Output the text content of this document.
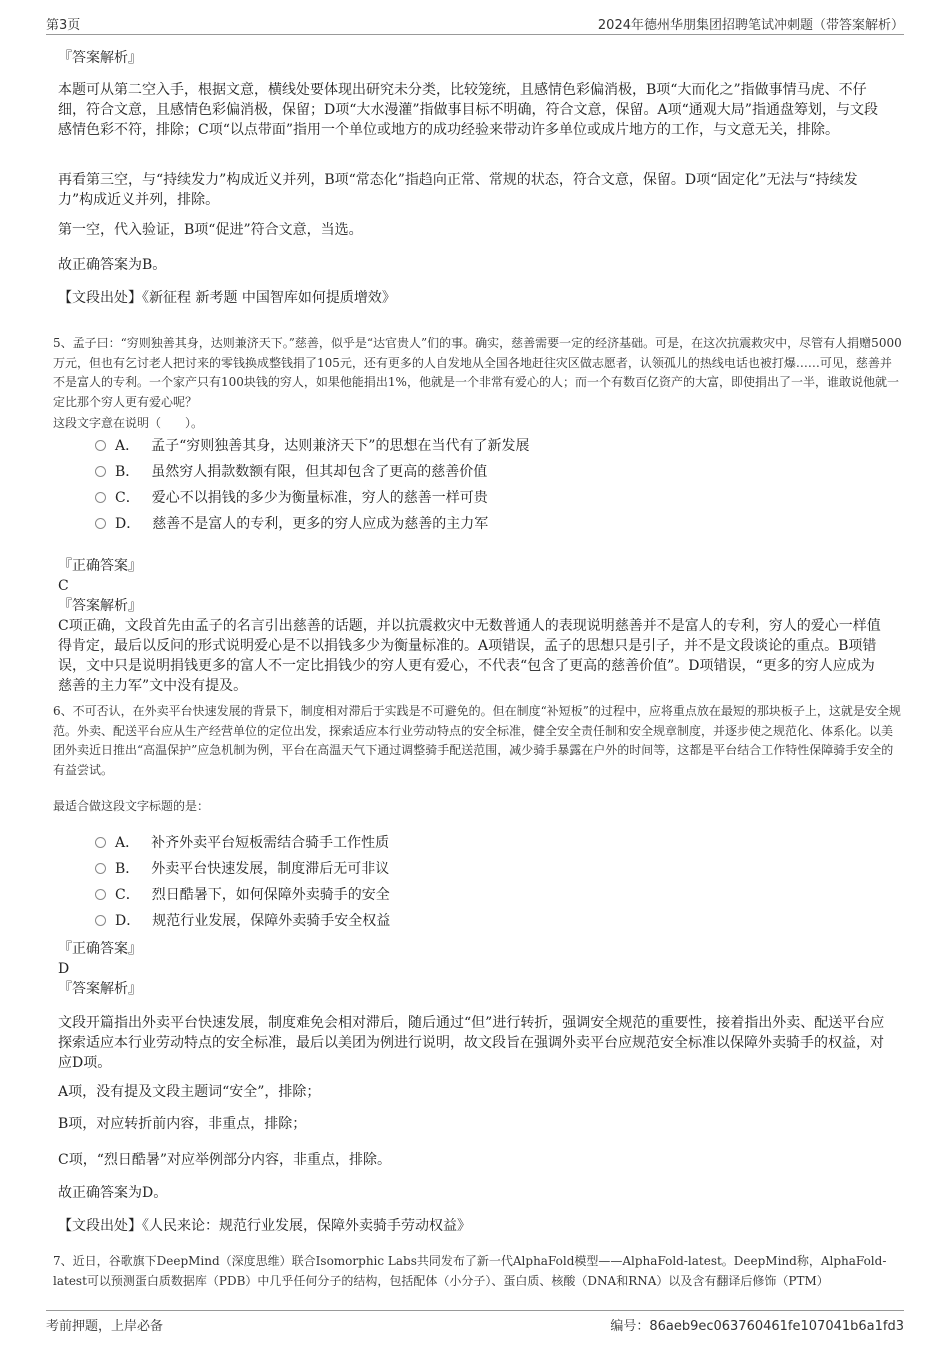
第3页	2024年德州华朋集团招聘笔试冲刺题（带答案解析）
『答案解析』
本题可从第二空入手，根据文意，横线处要体现出研究未分类，比较笼统，且感情色彩偏消极，B项“大而化之”指做事情马虎、不仔细，符合文意，且感情色彩偏消极，保留；D项“大水漫灌”指做事目标不明确，符合文意，保留。A项“通观大局”指通盘筹划，与文段感情色彩不符，排除；C项“以点带面”指用一个单位或地方的成功经验来带动许多单位或成片地方的工作，与文意无关，排除。
再看第三空，与“持续发力”构成近义并列，B项“常态化”指趋向正常、常规的状态，符合文意，保留。D项“固定化”无法与“持续发力”构成近义并列，排除。
第一空，代入验证，B项“促进”符合文意，当选。
故正确答案为B。
【文段出处】《新征程 新考题 中国智库如何提质增效》
5、孟子曰：“穷则独善其身，达则兼济天下。”慈善，似乎是“达官贵人”们的事。确实，慈善需要一定的经济基础。可是，在这次抗震救灾中，尽管有人捐赠5000万元，但也有乞讨老人把讨来的零钱换成整钱捐了105元，还有更多的人自发地从全国各地赶往灾区做志愿者，认领孤儿的热线电话也被打爆……可见，慈善并不是富人的专利。一个家产只有100块钱的穷人，如果他能捐出1%，他就是一个非常有爱心的人；而一个有数百亿资产的大富，即使捐出了一半，谁敢说他就一定比那个穷人更有爱心呢？
这段文字意在说明（　　）。
A． 孟子“穷则独善其身，达则兼济天下”的思想在当代有了新发展
B． 虽然穷人捐款数额有限，但其却包含了更高的慈善价值
C． 爱心不以捐钱的多少为衡量标准，穷人的慈善一样可贵
D． 慈善不是富人的专利，更多的穷人应成为慈善的主力军
『正确答案』
C
『答案解析』
C项正确，文段首先由孟子的名言引出慈善的话题，并以抗震救灾中无数普通人的表现说明慈善并不是富人的专利，穷人的爱心一样值得肯定，最后以反问的形式说明爱心是不以捐钱多少为衡量标准的。A项错误，孟子的思想只是引子，并不是文段谈论的重点。B项错误，文中只是说明捐钱更多的富人不一定比捐钱少的穷人更有爱心，不代表“包含了更高的慈善价值”。D项错误，“更多的穷人应成为慈善的主力军”文中没有提及。
6、不可否认，在外卖平台快速发展的背景下，制度相对滞后于实践是不可避免的。但在制度“补短板”的过程中，应将重点放在最短的那块板子上，这就是安全规范。外卖、配送平台应从生产经营单位的定位出发，探索适应本行业劳动特点的安全标准，健全安全责任制和安全规章制度，并逐步使之规范化、体系化。以美团外卖近日推出“高温保护”应急机制为例，平台在高温天气下通过调整骑手配送范围，减少骑手暴露在户外的时间等，这都是平台结合工作特性保障骑手安全的有益尝试。
最适合做这段文字标题的是：
A． 补齐外卖平台短板需结合骑手工作性质
B． 外卖平台快速发展，制度滞后无可非议
C． 烈日酷暑下，如何保障外卖骑手的安全
D． 规范行业发展，保障外卖骑手安全权益
『正确答案』
D
『答案解析』
文段开篇指出外卖平台快速发展，制度难免会相对滞后，随后通过“但”进行转折，强调安全规范的重要性，接着指出外卖、配送平台应探索适应本行业劳动特点的安全标准，最后以美团为例进行说明，故文段旨在强调外卖平台应规范安全标准以保障外卖骑手的权益，对应D项。
A项，没有提及文段主题词“安全”，排除；
B项，对应转折前内容，非重点，排除；
C项，“烈日酷暑”对应举例部分内容，非重点，排除。
故正确答案为D。
【文段出处】《人民来论：规范行业发展，保障外卖骑手劳动权益》
7、近日，谷歌旗下DeepMind（深度思维）联合Isomorphic Labs共同发布了新一代AlphaFold模型——AlphaFold-latest。DeepMind称，AlphaFold-latest可以预测蛋白质数据库（PDB）中几乎任何分子的结构，包括配体（小分子）、蛋白质、核酸（DNA和RNA）以及含有翻译后修饰（PTM）
考前押题，上岸必备	编号：86aeb9ec063760461fe107041b6a1fd3
